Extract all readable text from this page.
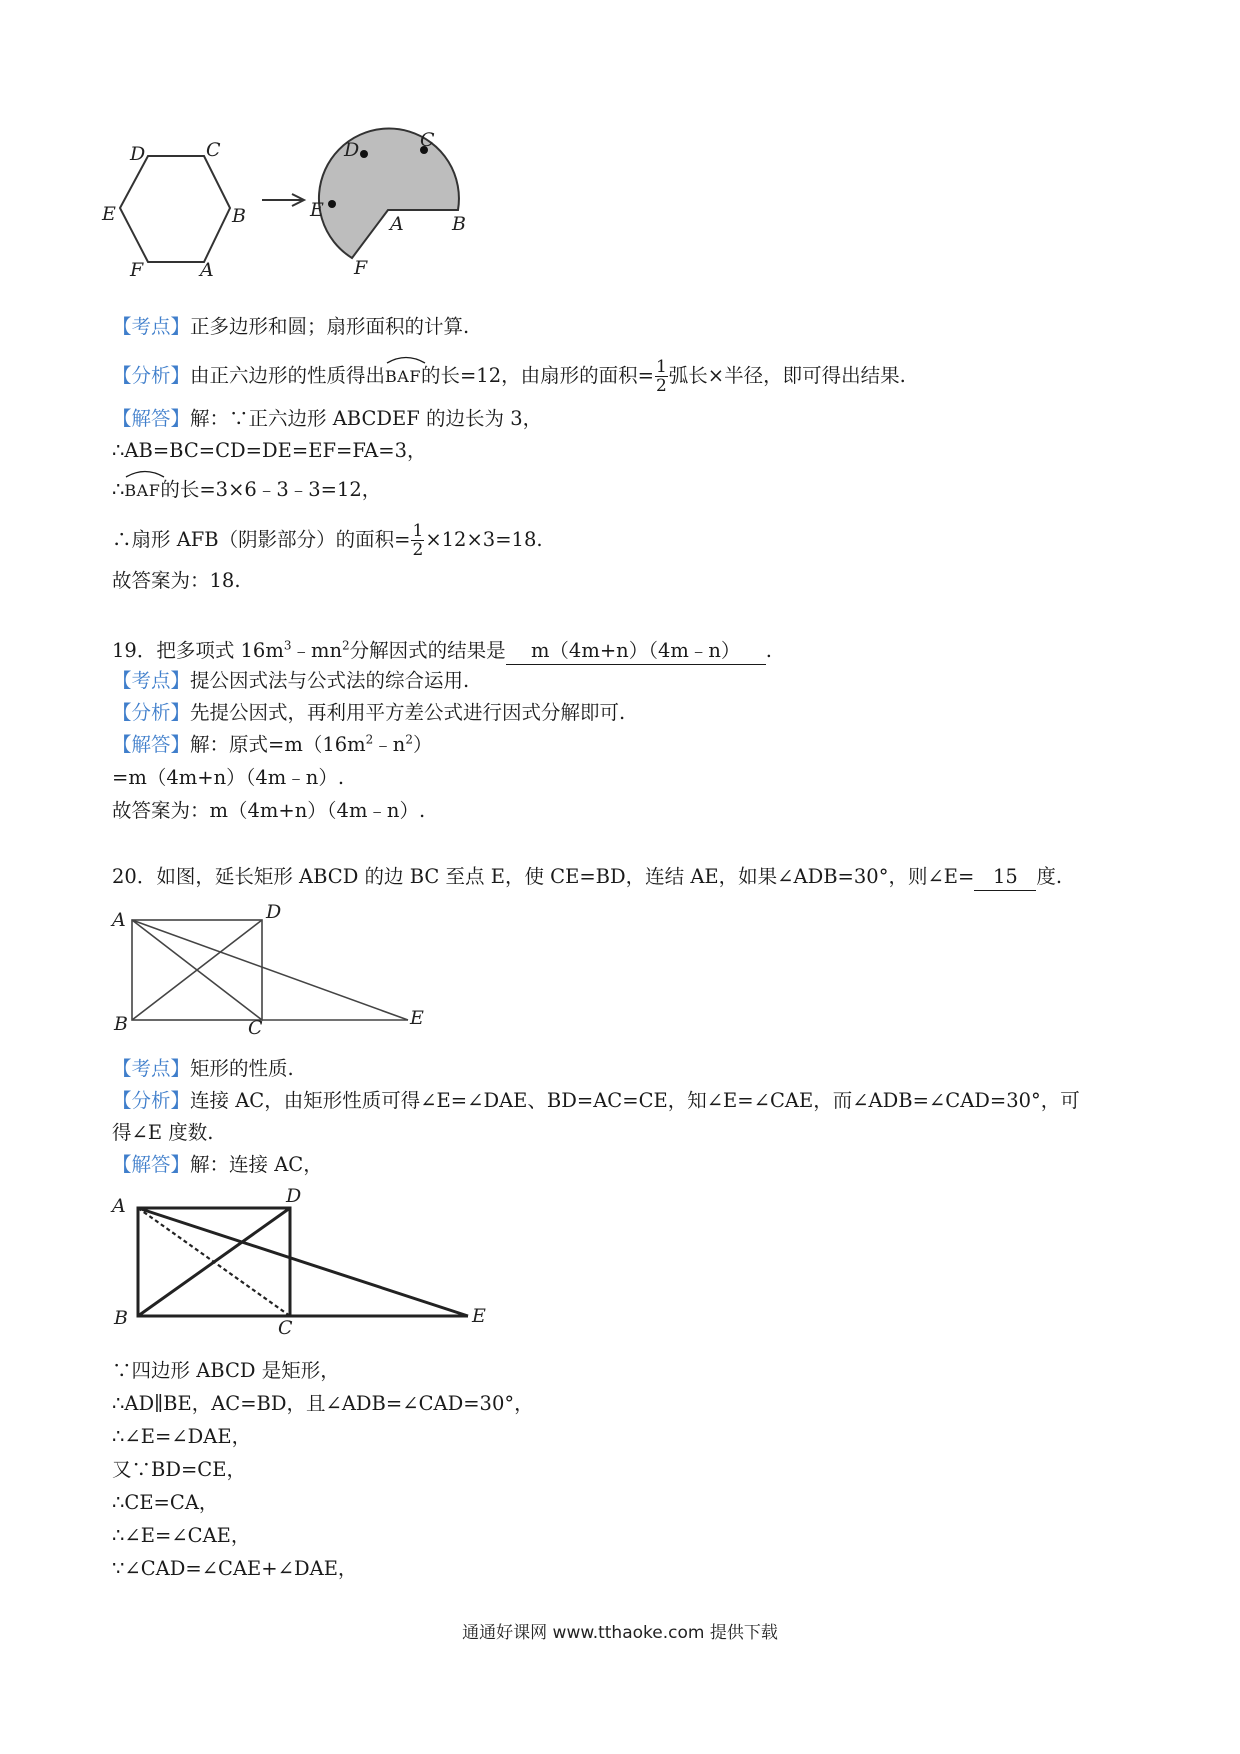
D	C
E	B
F	A
D	C
E
A	B
F
【考点】正多边形和圆；扇形面积的计算.
【分析】由正六边形的性质得出
BAF的长=12，由扇形的面积= $\frac{1}{2}$ 弧长×半径，即可得出结果.
【解答】解：∵正六边形 ABCDEF 的边长为 3，
∴AB=BC=CD=DE=EF=FA=3，
∴
BAF的长=3×6﹣3﹣3=12，
∴扇形 AFB（阴影部分）的面积= $\frac{1}{2} \times 12\times 3=18$.
故答案为：18.
19．把多项式 $16m^3﹣mn^2$分解因式的结果是 m（4m+n）（4m﹣n） .
【考点】提公因式法与公式法的综合运用.
【分析】先提公因式，再利用平方差公式进行因式分解即可.
【解答】解：原式$=m(16m^2﹣n^2)$
=m（4m+n）（4m﹣n）.
故答案为：m（4m+n）（4m﹣n）.
20．如图，延长矩形 ABCD 的边 BC 至点 E，使 CE=BD，连结 AE，如果∠ADB=30°，则∠E= 15 度.
A	D
B	C	E
【考点】矩形的性质.
【分析】连接 AC，由矩形性质可得∠E=∠DAE、BD=AC=CE，知∠E=∠CAE，而∠ADB=∠CAD=30°，可
得∠E 度数.
【解答】解：连接 AC，
A	D
B	C
E
∵四边形 ABCD 是矩形，
∴AD∥BE，AC=BD，且∠ADB=∠CAD=30°，
∴∠E=∠DAE，
又∵BD=CE，
∴CE=CA，
∴∠E=∠CAE，
∵∠CAD=∠CAE+∠DAE，
通通好课网 www.tthaoke.com 提供下载
